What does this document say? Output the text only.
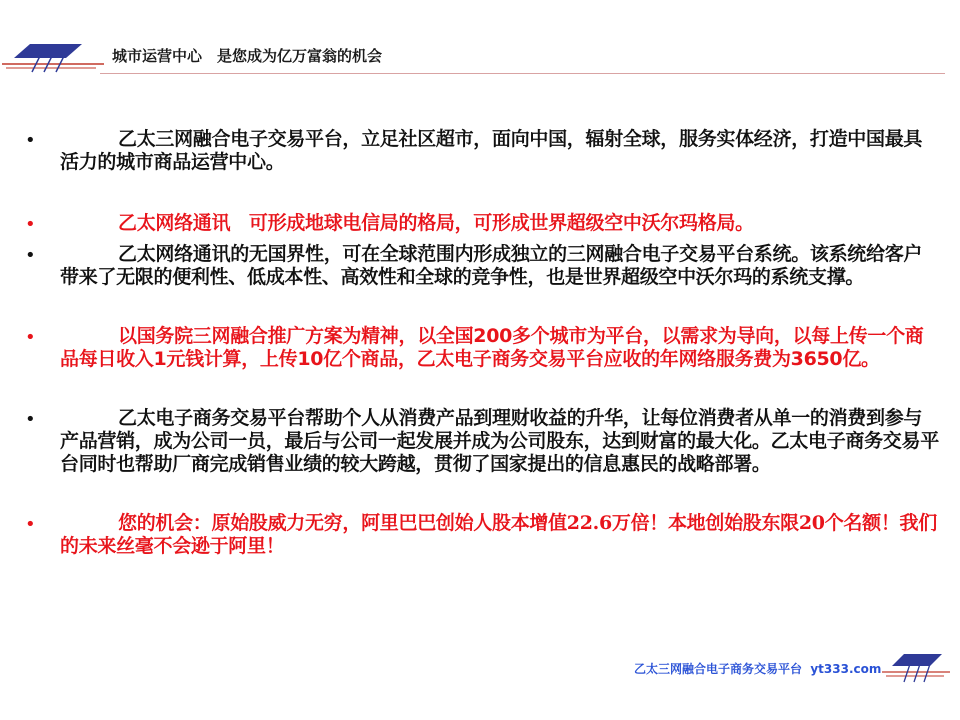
城市运营中心　是您成为亿万富翁的机会
•	乙太三网融合电子交易平台，立足社区超市，面向中国，辐射全球，服务实体经济，打造中国最具活力的城市商品运营中心。
•	乙太网络通讯　可形成地球电信局的格局，可形成世界超级空中沃尔玛格局。
•	乙太网络通讯的无国界性，可在全球范围内形成独立的三网融合电子交易平台系统。该系统给客户带来了无限的便利性、低成本性、高效性和全球的竞争性，也是世界超级空中沃尔玛的系统支撑。
•	以国务院三网融合推广方案为精神，以全国200多个城市为平台，以需求为导向，以每上传一个商品每日收入1元钱计算，上传10亿个商品，乙太电子商务交易平台应收的年网络服务费为3650亿。
•	乙太电子商务交易平台帮助个人从消费产品到理财收益的升华，让每位消费者从单一的消费到参与产品营销，成为公司一员，最后与公司一起发展并成为公司股东，达到财富的最大化。乙太电子商务交易平台同时也帮助厂商完成销售业绩的较大跨越，贯彻了国家提出的信息惠民的战略部署。
•	您的机会：原始股威力无穷，阿里巴巴创始人股本增值22.6万倍！本地创始股东限20个名额！我们的未来丝毫不会逊于阿里！
乙太三网融合电子商务交易平台  yt333.com
